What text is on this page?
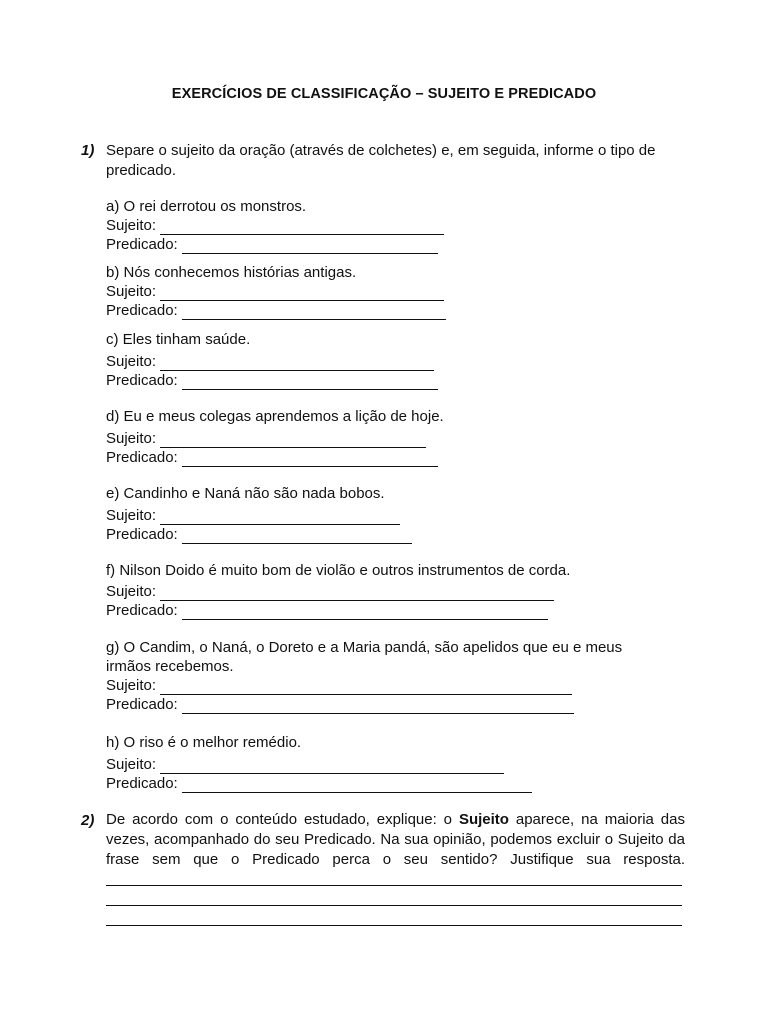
EXERCÍCIOS DE CLASSIFICAÇÃO – SUJEITO E PREDICADO
1) Separe o sujeito da oração (através de colchetes) e, em seguida, informe o tipo de predicado.
a) O rei derrotou os monstros.
Sujeito:
Predicado:
b) Nós conhecemos histórias antigas.
Sujeito:
Predicado:
c) Eles tinham saúde.
Sujeito:
Predicado:
d) Eu e meus colegas aprendemos a lição de hoje.
Sujeito:
Predicado:
e) Candinho e Naná não são nada bobos.
Sujeito:
Predicado:
f) Nilson Doido é muito bom de violão e outros instrumentos de corda.
Sujeito:
Predicado:
g) O Candim, o Naná, o Doreto e a Maria pandá, são apelidos que eu e meus irmãos recebemos.
Sujeito:
Predicado:
h) O riso é o melhor remédio.
Sujeito:
Predicado:
2) De acordo com o conteúdo estudado, explique: o Sujeito aparece, na maioria das vezes, acompanhado do seu Predicado. Na sua opinião, podemos excluir o Sujeito da frase sem que o Predicado perca o seu sentido? Justifique sua resposta.
